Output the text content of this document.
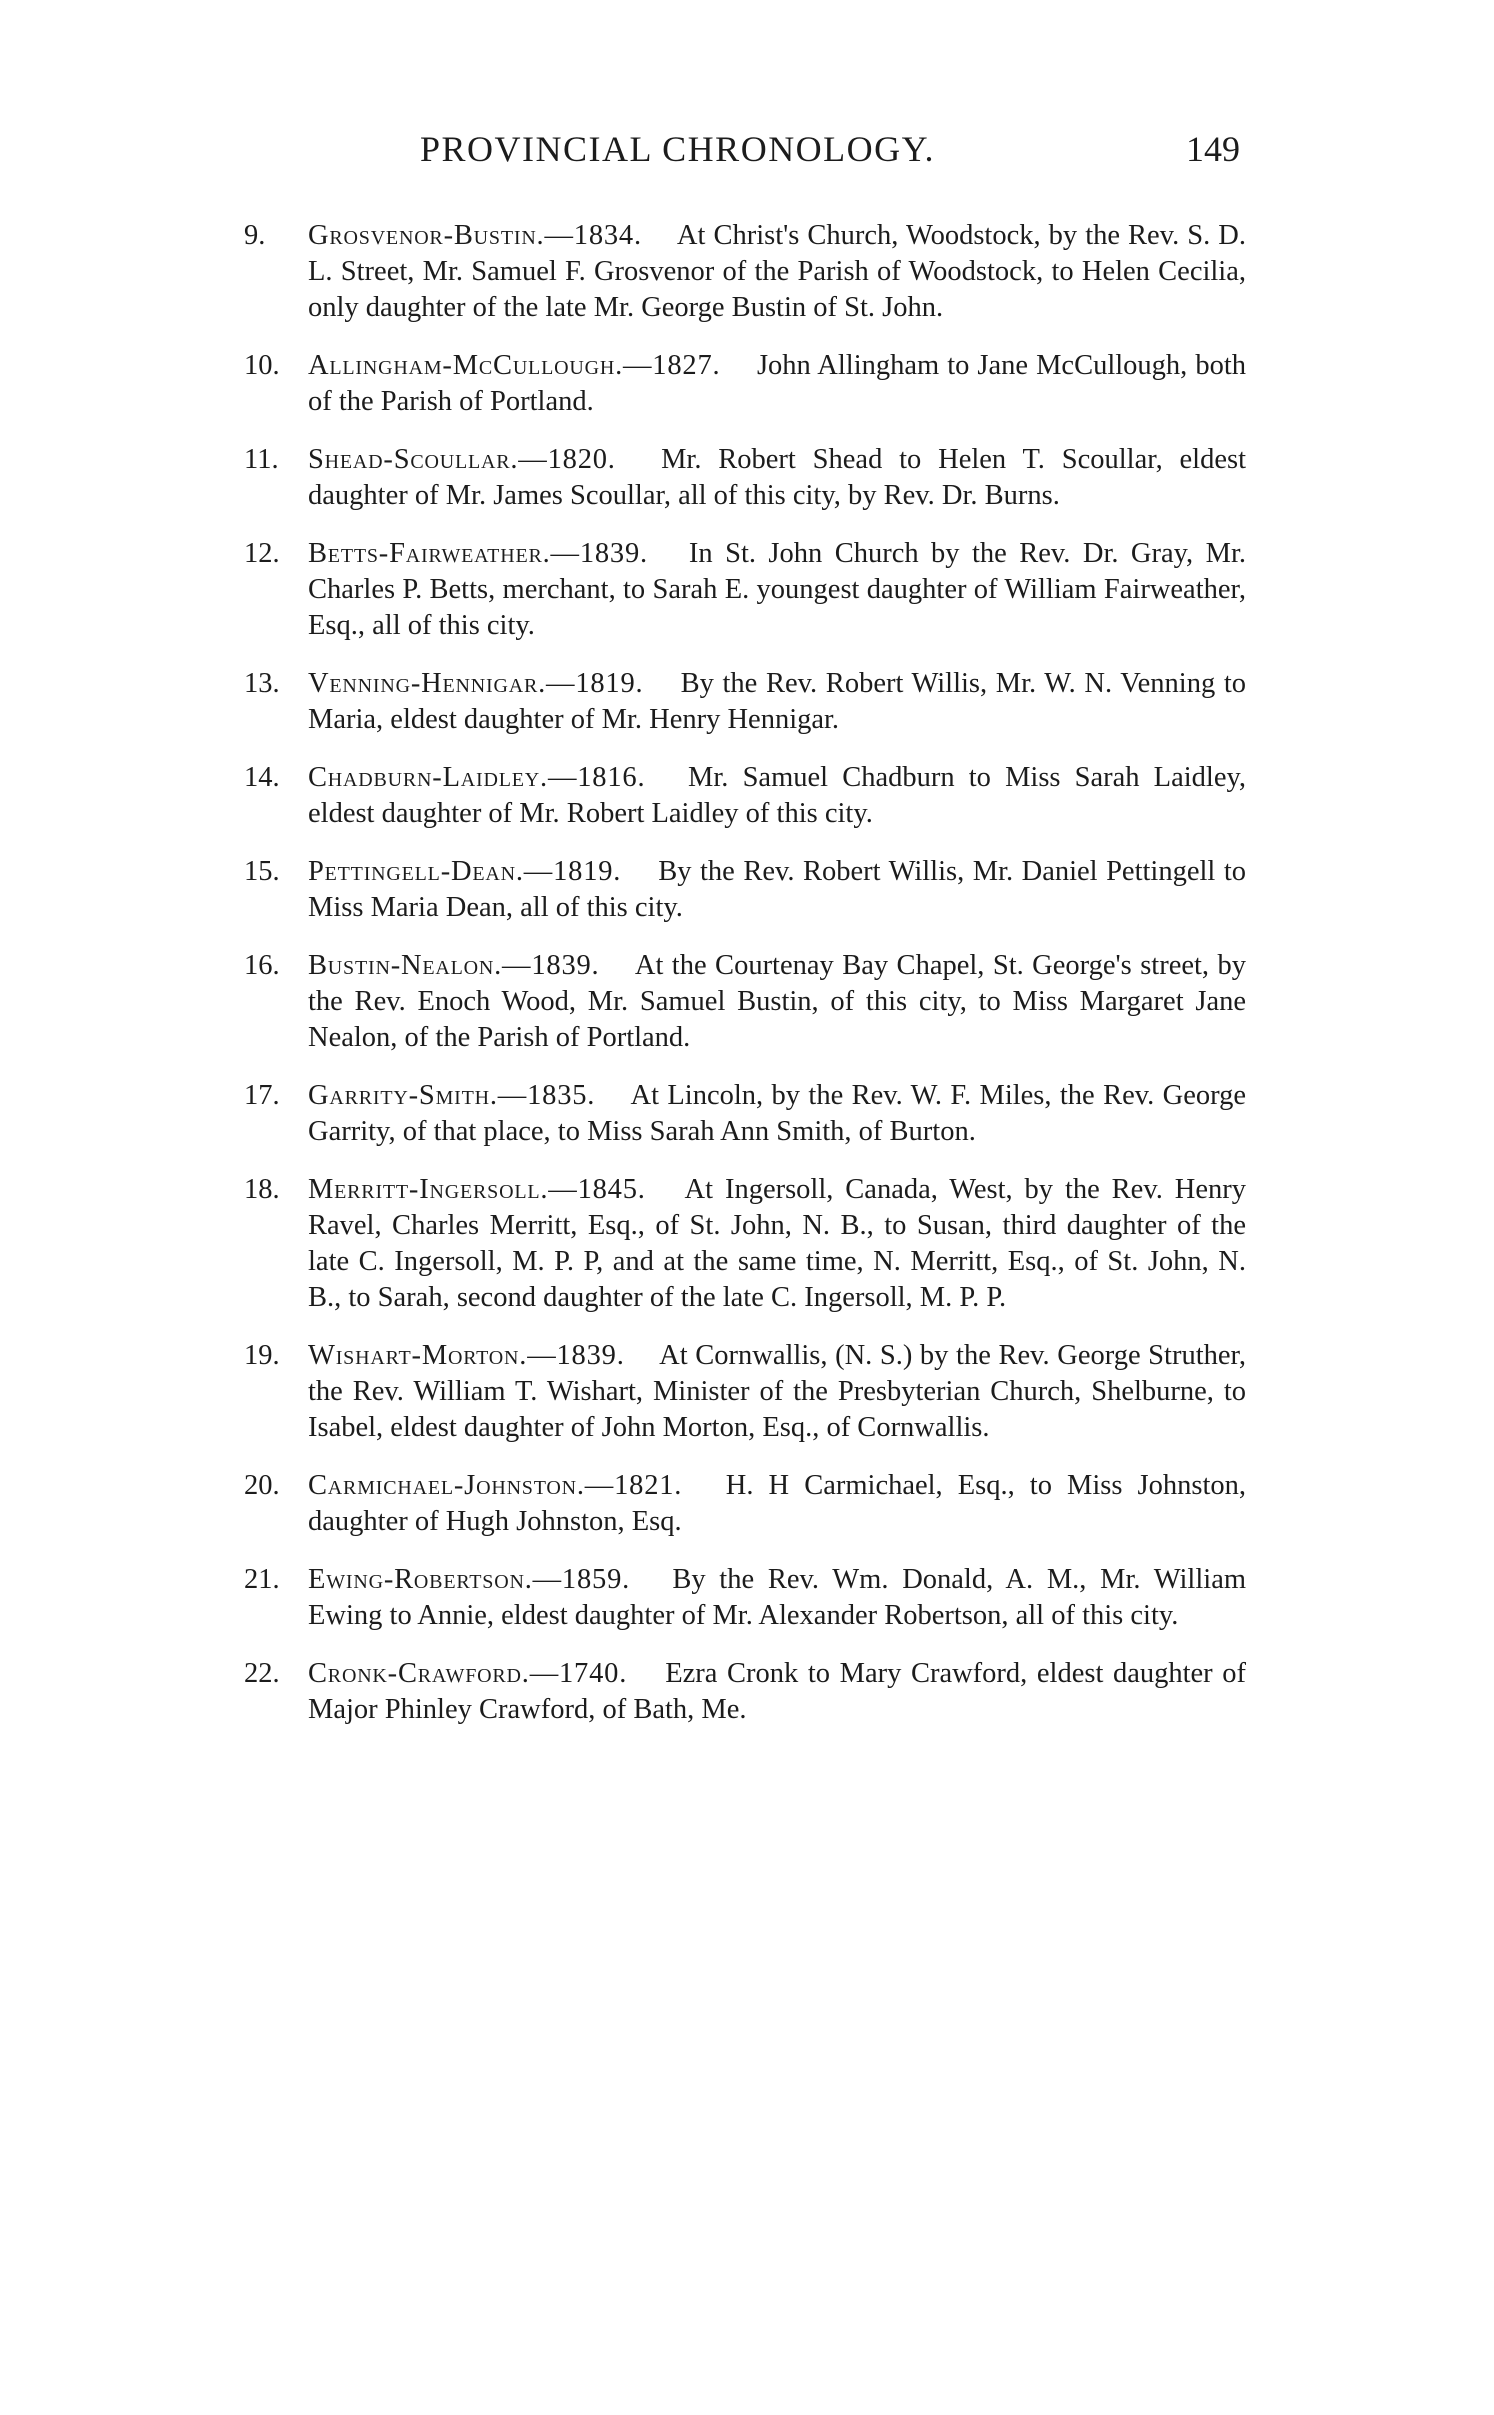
PROVINCIAL CHRONOLOGY.	149
9.	Grosvenor-Bustin.—1834.  At Christ's Church, Woodstock, by the Rev. S. D. L. Street, Mr. Samuel F. Grosvenor of the Parish of Woodstock, to Helen Cecilia, only daughter of the late Mr. George Bustin of St. John.
10. Allingham-McCullough.—1827.  John Allingham to Jane McCullough, both of the Parish of Portland.
11.	Shead-Scoullar.—1820.  Mr. Robert Shead to Helen T. Scoullar, eldest daughter of Mr. James Scoullar, all of this city, by Rev. Dr. Burns.
12. Betts-Fairweather.—1839.  In St. John Church by the Rev. Dr. Gray, Mr. Charles P. Betts, merchant, to Sarah E. youngest daughter of William Fairweather, Esq., all of this city.
13. Venning-Hennigar.—1819.  By the Rev. Robert Willis, Mr. W. N. Venning to Maria, eldest daughter of Mr. Henry Hennigar.
14. Chadburn-Laidley.—1816.  Mr. Samuel Chadburn to Miss Sarah Laidley, eldest daughter of Mr. Robert Laidley of this city.
15. Pettingell-Dean.—1819.  By the Rev. Robert Willis, Mr. Daniel Pettingell to Miss Maria Dean, all of this city.
16. Bustin-Nealon.—1839.  At the Courtenay Bay Chapel, St. George's street, by the Rev. Enoch Wood, Mr. Samuel Bustin, of this city, to Miss Margaret Jane Nealon, of the Parish of Portland.
17. Garrity-Smith.—1835.  At Lincoln, by the Rev. W. F. Miles, the Rev. George Garrity, of that place, to Miss Sarah Ann Smith, of Burton.
18. Merritt-Ingersoll.—1845.  At Ingersoll, Canada, West, by the Rev. Henry Ravel, Charles Merritt, Esq., of St. John, N. B., to Susan, third daughter of the late C. Ingersoll, M. P. P, and at the same time, N. Merritt, Esq., of St. John, N. B., to Sarah, second daughter of the late C. Ingersoll, M. P. P.
19. Wishart-Morton.—1839.  At Cornwallis, (N. S.) by the Rev. George Struther, the Rev. William T. Wishart, Minister of the Presbyterian Church, Shelburne, to Isabel, eldest daughter of John Morton, Esq., of Cornwallis.
20. Carmichael-Johnston.—1821.  H. H Carmichael, Esq., to Miss Johnston, daughter of Hugh Johnston, Esq.
21. Ewing-Robertson.—1859.  By the Rev. Wm. Donald, A. M., Mr. William Ewing to Annie, eldest daughter of Mr. Alexander Robertson, all of this city.
22. Cronk-Crawford.—1740.  Ezra Cronk to Mary Crawford, eldest daughter of Major Phinley Crawford, of Bath, Me.
